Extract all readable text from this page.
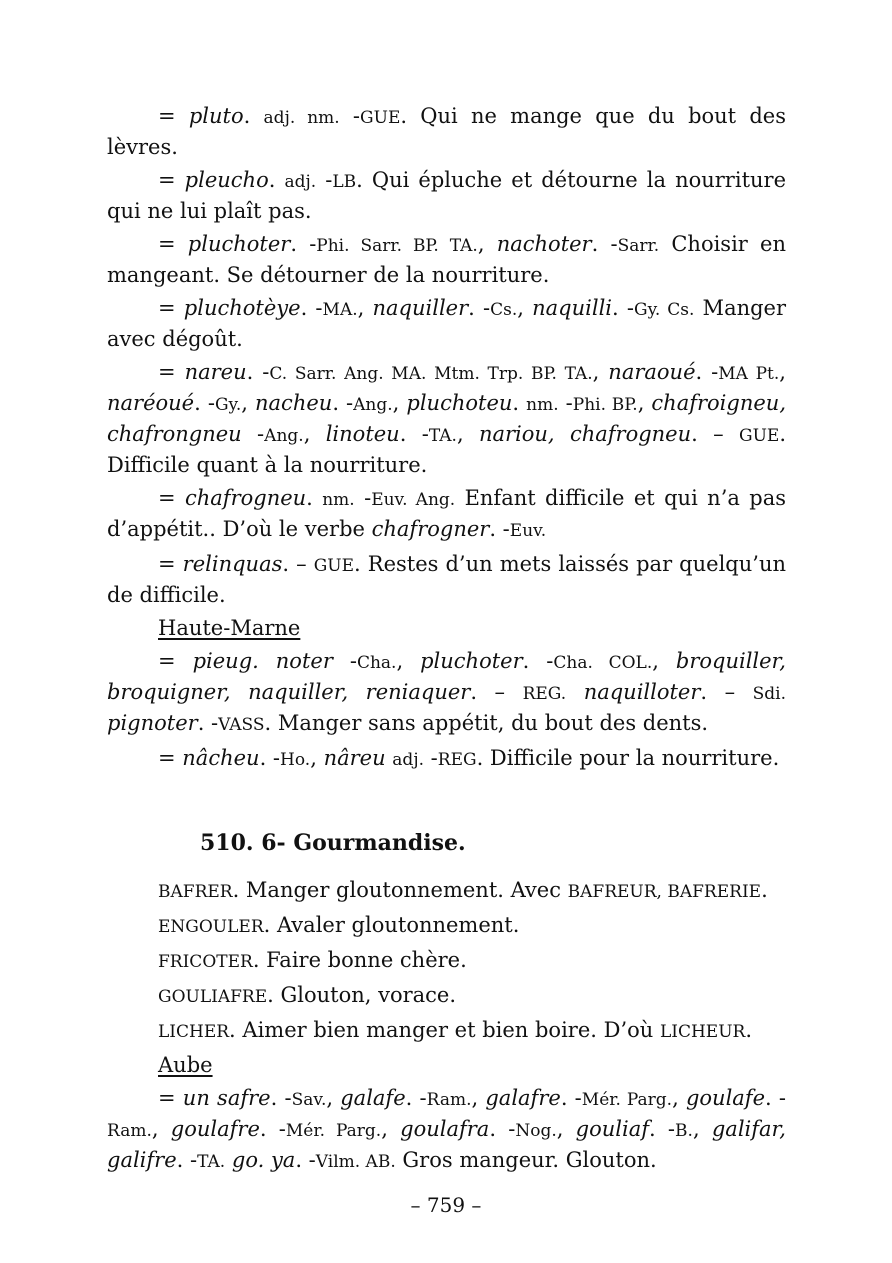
= pluto. adj. nm. -GUE. Qui ne mange que du bout des lèvres.

= pleucho. adj. -LB. Qui épluche et détourne la nourriture qui ne lui plaît pas.

= pluchoter. -Phi. Sarr. BP. TA., nachoter. -Sarr. Choisir en mangeant. Se détourner de la nourriture.

= pluchotèye. -MA., naquiller. -Cs., naquilli. -Gy. Cs. Manger avec dégoût.

= nareu. -C. Sarr. Ang. MA. Mtm. Trp. BP. TA., naraoué. -MA Pt., naréoué. -Gy., nacheu. -Ang., pluchoteu. nm. -Phi. BP., chafroigneu, chafrongneu -Ang., linoteu. -TA., nariou, chafrogneu. – GUE. Difficile quant à la nourriture.

= chafrogneu. nm. -Euv. Ang. Enfant difficile et qui n’a pas d’appétit.. D’où le verbe chafrogner. -Euv.

= relinquas. – GUE. Restes d’un mets laissés par quelqu’un de difficile.

Haute-Marne

= pieug. noter -Cha., pluchoter. -Cha. COL., broquiller, broquigner, naquiller, reniaquer. – REG. naquilloter. – Sdi. pignoter. -VASS. Manger sans appétit, du bout des dents.

= nâcheu. -Ho., nâreu adj. -REG. Difficile pour la nourriture.

510. 6- Gourmandise.

BAFRER. Manger gloutonnement. Avec BAFREUR, BAFRERIE.

ENGOULER. Avaler gloutonnement.

FRICOTER. Faire bonne chère.

GOULIAFRE. Glouton, vorace.

LICHER. Aimer bien manger et bien boire. D’où LICHEUR.

Aube

= un safre. -Sav., galafe. -Ram., galafre. -Mér. Parg., goulafe. -Ram., goulafre. -Mér. Parg., goulafra. -Nog., gouliaf. -B., galifar, galifre. -TA. go. ya. -Vilm. AB. Gros mangeur. Glouton.

– 759 –
